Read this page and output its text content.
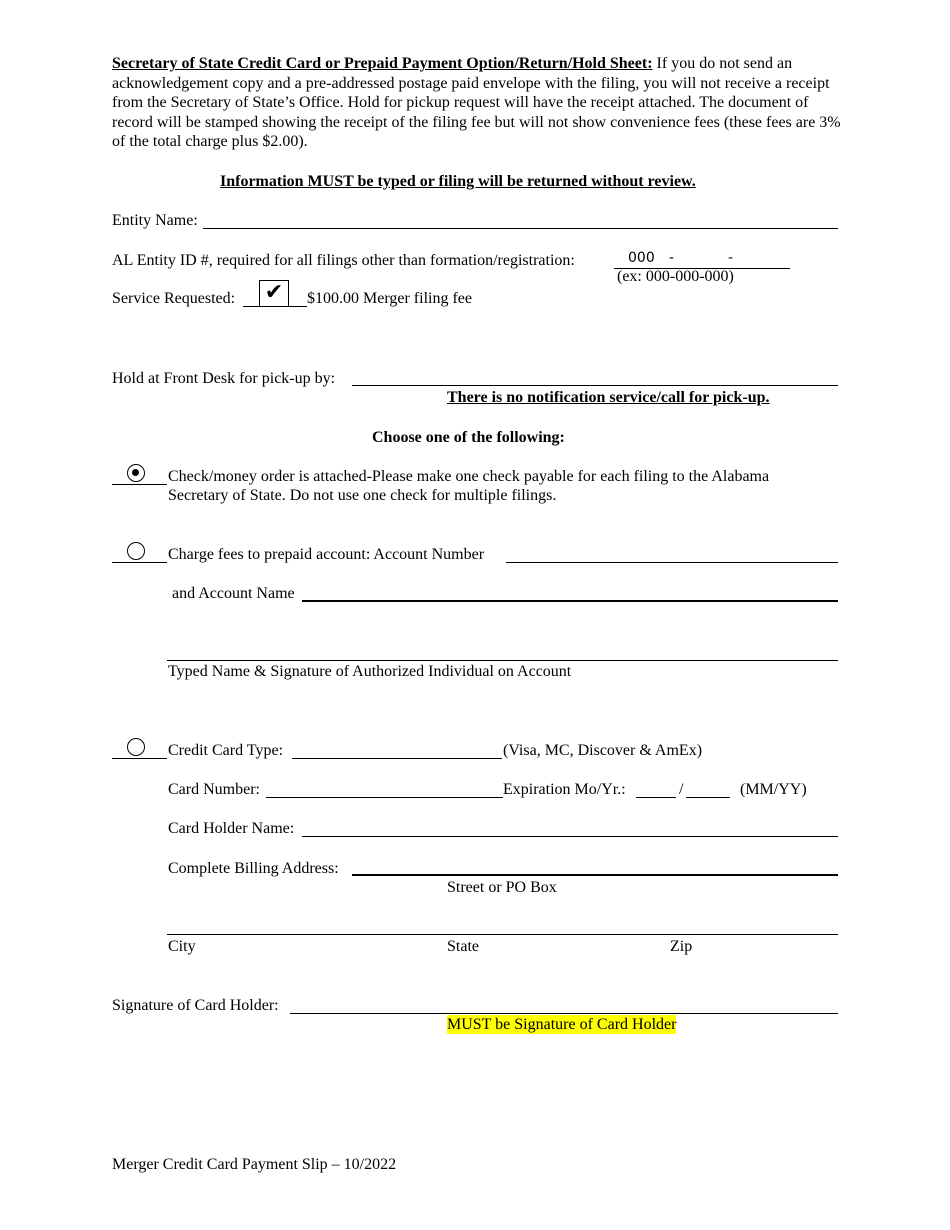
Secretary of State Credit Card or Prepaid Payment Option/Return/Hold Sheet: If you do not send an acknowledgement copy and a pre-addressed postage paid envelope with the filing, you will not receive a receipt from the Secretary of State’s Office. Hold for pickup request will have the receipt attached. The document of record will be stamped showing the receipt of the filing fee but will not show convenience fees (these fees are 3% of the total charge plus $2.00).
Information MUST be typed or filing will be returned without review.
Entity Name:
AL Entity ID #, required for all filings other than formation/registration:	000 -	-
(ex: 000-000-000)
Service Requested: ✔	$100.00 Merger filing fee
Hold at Front Desk for pick-up by:
There is no notification service/call for pick-up.
Choose one of the following:
Check/money order is attached-Please make one check payable for each filing to the Alabama
Secretary of State. Do not use one check for multiple filings.
Charge fees to prepaid account: Account Number
and Account Name
Typed Name & Signature of Authorized Individual on Account
Credit Card Type:	(Visa, MC, Discover & AmEx)
Card Number:	Expiration Mo/Yr.:	/	(MM/YY)
Card Holder Name:
Complete Billing Address:
Street or PO Box
City	State	Zip
Signature of Card Holder:
MUST be Signature of Card Holder
Merger Credit Card Payment Slip – 10/2022
